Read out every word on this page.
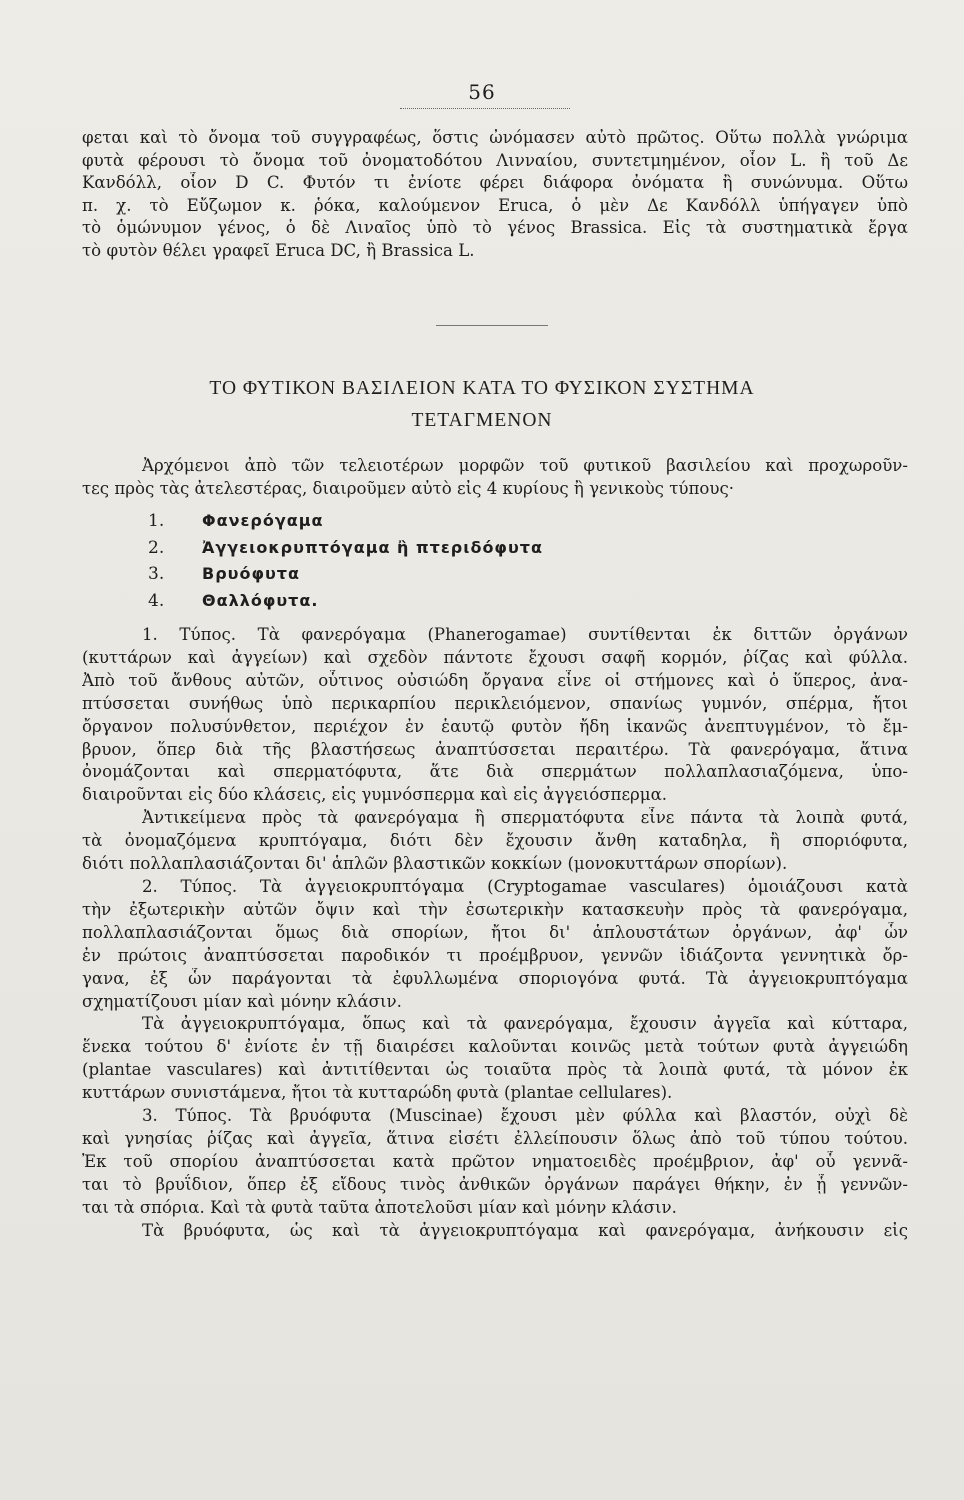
56
φεται καὶ τὸ ὄνομα τοῦ συγγραφέως, ὅστις ὠνόμασεν αὐτὸ πρῶτος. Οὕτω πολλὰ γνώριμα
φυτὰ φέρουσι τὸ ὄνομα τοῦ ὀνοματοδότου Λινναίου, συντετμημένον, οἷον L. ἢ τοῦ Δε
Κανδόλλ, οἷον D C. Φυτόν τι ἐνίοτε φέρει διάφορα ὀνόματα ἢ συνώνυμα. Οὕτω
π. χ. τὸ Εὔζωμον κ. ῥόκα, καλούμενον Eruca, ὁ μὲν Δε Κανδόλλ ὑπήγαγεν ὑπὸ
τὸ ὁμώνυμον γένος, ὁ δὲ Λιναῖος ὑπὸ τὸ γένος Brassica. Εἰς τὰ συστηματικὰ ἔργα
τὸ φυτὸν θέλει γραφεῖ Eruca DC, ἢ Brassica L.
ΤΟ ΦΥΤΙΚΟΝ ΒΑΣΙΛΕΙΟΝ ΚΑΤΑ ΤΟ ΦΥΣΙΚΟΝ ΣΥΣΤΗΜΑ
ΤΕΤΑΓΜΕΝΟΝ
Ἀρχόμενοι ἀπὸ τῶν τελειοτέρων μορφῶν τοῦ φυτικοῦ βασιλείου καὶ προχωροῦν-
τες πρὸς τὰς ἀτελεστέρας, διαιροῦμεν αὐτὸ εἰς 4 κυρίους ἢ γενικοὺς τύπους·
1. Φανερόγαμα
2. Ἀγγειοκρυπτόγαμα ἢ πτεριδόφυτα
3. Βρυόφυτα
4. Θαλλόφυτα.
1. Τύπος. Τὰ φανερόγαμα (Phanerogamae) συντίθενται ἐκ διττῶν ὀργάνων
(κυττάρων καὶ ἀγγείων) καὶ σχεδὸν πάντοτε ἔχουσι σαφῆ κορμόν, ῥίζας καὶ φύλλα.
Ἀπὸ τοῦ ἄνθους αὐτῶν, οὗτινος οὐσιώδη ὄργανα εἶνε οἱ στήμονες καὶ ὁ ὕπερος, ἀνα-
πτύσσεται συνήθως ὑπὸ περικαρπίου περικλειόμενον, σπανίως γυμνόν, σπέρμα, ἤτοι
ὄργανον πολυσύνθετον, περιέχον ἐν ἑαυτῷ φυτὸν ἤδη ἱκανῶς ἀνεπτυγμένον, τὸ ἔμ-
βρυον, ὅπερ διὰ τῆς βλαστήσεως ἀναπτύσσεται περαιτέρω. Τὰ φανερόγαμα, ἅτινα
ὀνομάζονται καὶ σπερματόφυτα, ἅτε διὰ σπερμάτων πολλαπλασιαζόμενα, ὑπο-
διαιροῦνται εἰς δύο κλάσεις, εἰς γυμνόσπερμα καὶ εἰς ἀγγειόσπερμα.
Ἀντικείμενα πρὸς τὰ φανερόγαμα ἢ σπερματόφυτα εἶνε πάντα τὰ λοιπὰ φυτά,
τὰ ὀνομαζόμενα κρυπτόγαμα, διότι δὲν ἔχουσιν ἄνθη καταδηλα, ἢ σποριόφυτα,
διότι πολλαπλασιάζονται δι' ἁπλῶν βλαστικῶν κοκκίων (μονοκυττάρων σπορίων).
2. Τύπος. Τὰ ἀγγειοκρυπτόγαμα (Cryptogamae vasculares) ὁμοιάζουσι κατὰ
τὴν ἐξωτερικὴν αὐτῶν ὄψιν καὶ τὴν ἐσωτερικὴν κατασκευὴν πρὸς τὰ φανερόγαμα,
πολλαπλασιάζονται ὅμως διὰ σπορίων, ἤτοι δι' ἁπλουστάτων ὀργάνων, ἀφ' ὧν
ἐν πρώτοις ἀναπτύσσεται παροδικόν τι προέμβρυον, γεννῶν ἰδιάζοντα γεννητικὰ ὄρ-
γανα, ἐξ ὧν παράγονται τὰ ἐφυλλωμένα σποριογόνα φυτά. Τὰ ἀγγειοκρυπτόγαμα
σχηματίζουσι μίαν καὶ μόνην κλάσιν.
Τὰ ἀγγειοκρυπτόγαμα, ὅπως καὶ τὰ φανερόγαμα, ἔχουσιν ἀγγεῖα καὶ κύτταρα,
ἕνεκα τούτου δ' ἐνίοτε ἐν τῇ διαιρέσει καλοῦνται κοινῶς μετὰ τούτων φυτὰ ἀγγειώδη
(plantae vasculares) καὶ ἀντιτίθενται ὡς τοιαῦτα πρὸς τὰ λοιπὰ φυτά, τὰ μόνον ἐκ
κυττάρων συνιστάμενα, ἤτοι τὰ κυτταρώδη φυτὰ (plantae cellulares).
3. Τύπος. Τὰ βρυόφυτα (Muscinae) ἔχουσι μὲν φύλλα καὶ βλαστόν, οὐχὶ δὲ
καὶ γνησίας ῥίζας καὶ ἀγγεῖα, ἅτινα εἰσέτι ἐλλείπουσιν ὅλως ἀπὸ τοῦ τύπου τούτου.
Ἐκ τοῦ σπορίου ἀναπτύσσεται κατὰ πρῶτον νηματοειδὲς προέμβριον, ἀφ' οὗ γεννᾶ-
ται τὸ βρυΐδιον, ὅπερ ἐξ εἴδους τινὸς ἀνθικῶν ὀργάνων παράγει θήκην, ἐν ᾗ γεννῶν-
ται τὰ σπόρια. Καὶ τὰ φυτὰ ταῦτα ἀποτελοῦσι μίαν καὶ μόνην κλάσιν.
Τὰ βρυόφυτα, ὡς καὶ τὰ ἀγγειοκρυπτόγαμα καὶ φανερόγαμα, ἀνήκουσιν εἰς
